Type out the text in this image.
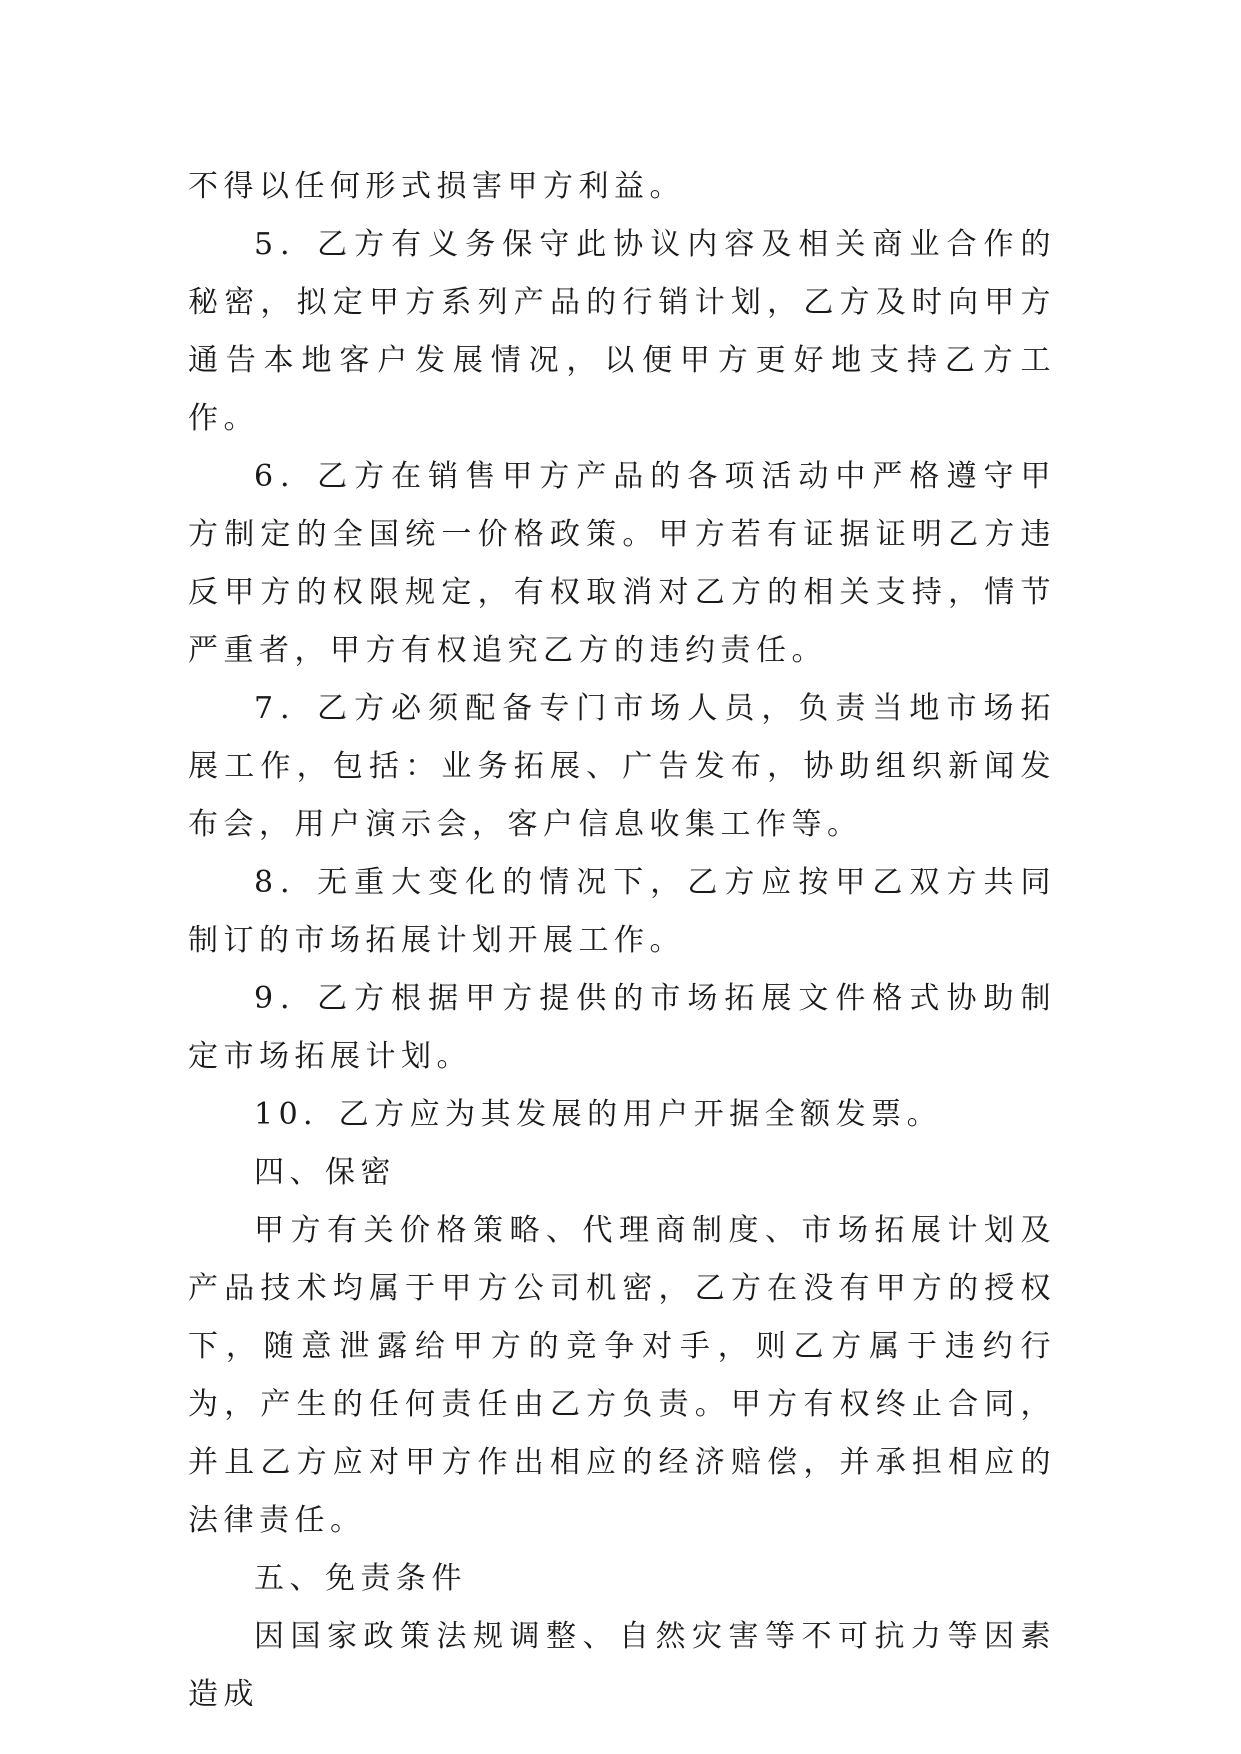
不得以任何形式损害甲方利益。

5．乙方有义务保守此协议内容及相关商业合作的秘密，拟定甲方系列产品的行销计划，乙方及时向甲方通告本地客户发展情况，以便甲方更好地支持乙方工作。

6．乙方在销售甲方产品的各项活动中严格遵守甲方制定的全国统一价格政策。甲方若有证据证明乙方违反甲方的权限规定，有权取消对乙方的相关支持，情节严重者，甲方有权追究乙方的违约责任。

7．乙方必须配备专门市场人员，负责当地市场拓展工作，包括：业务拓展、广告发布，协助组织新闻发布会，用户演示会，客户信息收集工作等。

8．无重大变化的情况下，乙方应按甲乙双方共同制订的市场拓展计划开展工作。

9．乙方根据甲方提供的市场拓展文件格式协助制定市场拓展计划。

10．乙方应为其发展的用户开据全额发票。

四、保密

甲方有关价格策略、代理商制度、市场拓展计划及产品技术均属于甲方公司机密，乙方在没有甲方的授权下，随意泄露给甲方的竞争对手，则乙方属于违约行为，产生的任何责任由乙方负责。甲方有权终止合同，并且乙方应对甲方作出相应的经济赔偿，并承担相应的法律责任。

五、免责条件

因国家政策法规调整、自然灾害等不可抗力等因素造成
